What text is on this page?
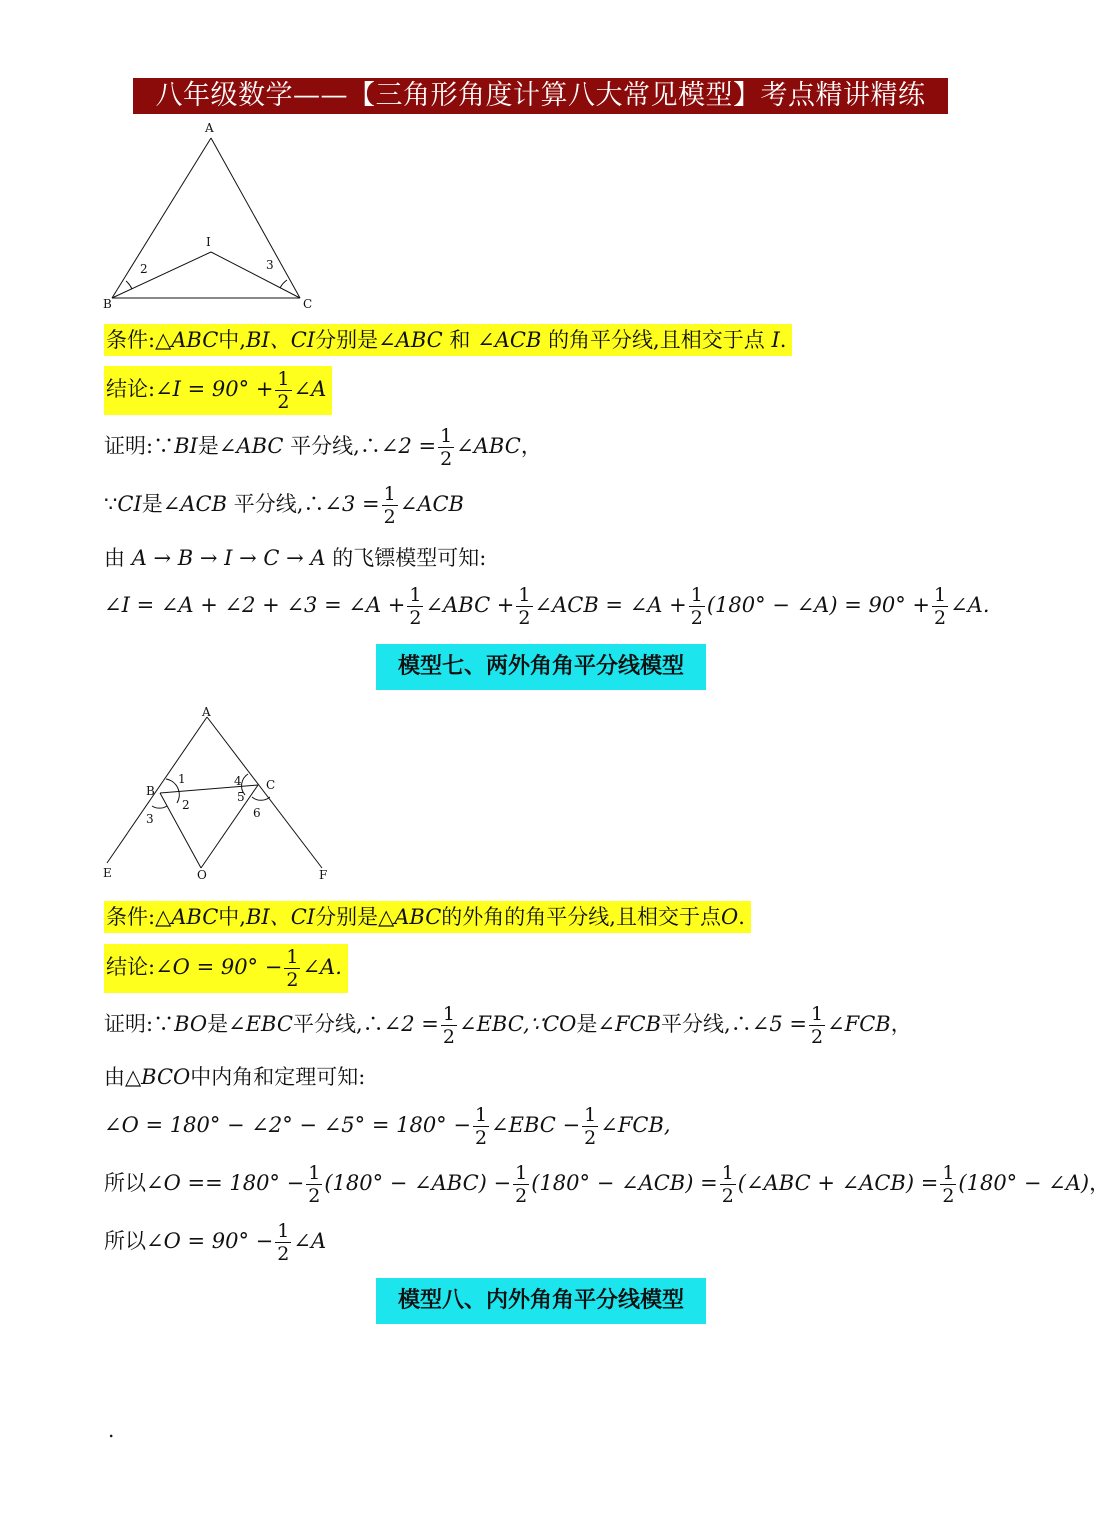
八年级数学——【三角形角度计算八大常见模型】考点精讲精练
A
B	C
I
2	3
条件:△ABC中,BI、CI分别是∠ABC 和 ∠ACB 的角平分线,且相交于点 I.
结论:∠I = $90^\circ + \frac{1}{2}$ ∠A
证明:∵BI是∠ABC 平分线,∴∠2 = $\frac{1}{2}$ ∠ABC，
∵CI是∠ACB 平分线,∴∠3 = $\frac{1}{2}$ ∠ACB
由 A → B → I → C → A 的飞镖模型可知:
∠I = ∠A + ∠2 + ∠3 = ∠A + $\frac{1}{2}$ ∠ABC + $\frac{1}{2}$ ∠ACB = ∠A + $\frac{1}{2} (180^\circ$ − ∠A) = $90^\circ + \frac{1}{2}$ ∠A.
模型七、两外角角平分线模型
A
B	C
E	O	F
1
2
3
4
5
6
条件:△ABC中,BI、CI分别是△ABC的外角的角平分线,且相交于点O.
结论:∠O = $90^\circ - \frac{1}{2}$ ∠A.
证明:∵BO是∠EBC平分线,∴∠2 = $\frac{1}{2}$ ∠EBC,∵CO是∠FCB平分线,∴∠5 = $\frac{1}{2}$ ∠FCB，
由△BCO中内角和定理可知:
∠O = 180° − ∠2° − ∠5° = $180^\circ - \frac{1}{2}$ ∠EBC − $\frac{1}{2}$ ∠FCB,
所以∠O == $180^\circ - \frac{1}{2} (180^\circ$ − ∠ABC) − $\frac{1}{2} (180^\circ$ − ∠ACB) = $\frac{1}{2}$ (∠ABC + ∠ACB) = $\frac{1}{2} (180^\circ$ − ∠A)，
所以∠O = $90^\circ - \frac{1}{2}$ ∠A
模型八、内外角角平分线模型
.
